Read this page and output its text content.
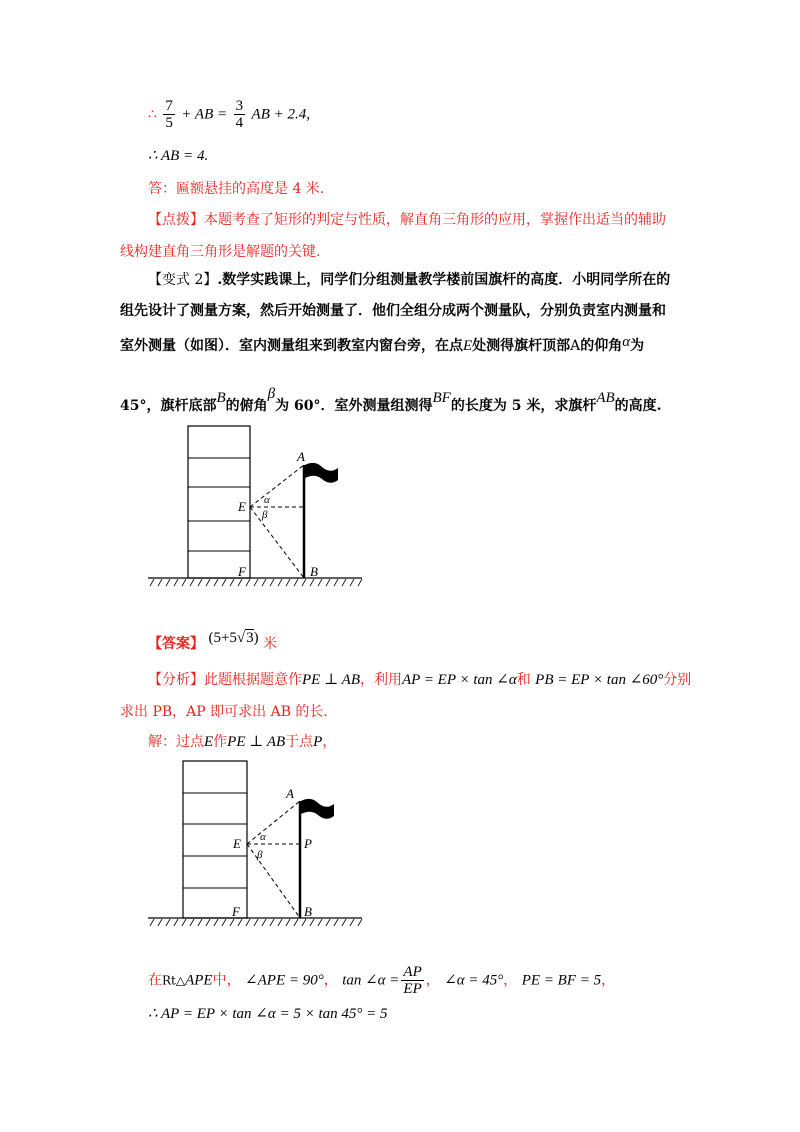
∴ $\frac{7}{5}$ + AB = $\frac{3}{4}$ AB + 2.4,
∴ AB = 4.
答：匾额悬挂的高度是 4 米.
【点拨】本题考查了矩形的判定与性质，解直角三角形的应用，掌握作出适当的辅助
线构建直角三角形是解题的关键.
【变式 2】.数学实践课上，同学们分组测量教学楼前国旗杆的高度．小明同学所在的
组先设计了测量方案，然后开始测量了．他们全组分成两个测量队，分别负责室内测量和
室外测量（如图）．室内测量组来到教室内窗台旁，在点E处测得旗杆顶部A的仰角α为
45°，旗杆底部B的俯角β为 60°．室外测量组测得BF的长度为 5 米，求旗杆AB的高度.
A
E α
β
F	B
【答案】 (5+5√3) 米
【分析】此题根据题意作PE ⊥ AB，利用AP = EP × tan ∠α和 PB = EP × tan ∠60°分别
求出 PB，AP 即可求出 AB 的长.
解：过点E作PE ⊥ AB于点P，
A
E	P
α
β
F	B
在Rt△APE中， ∠APE = 90°， tan ∠α = $\frac{AP}{EP}$ ， ∠α = 45°， PE = BF = 5，
∴ AP = EP × tan ∠α = 5 × tan 45° = 5
